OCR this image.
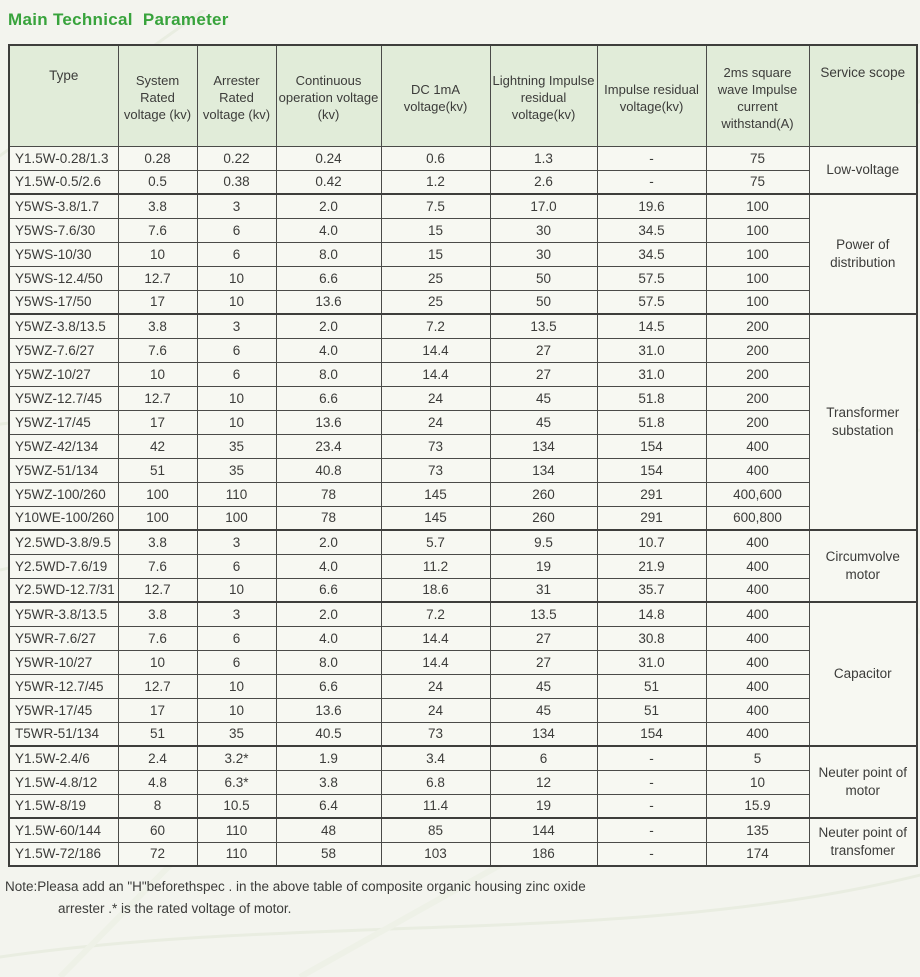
Main Technical  Parameter
Type	System Rated voltage (kv)	Arrester Rated voltage (kv)	Continuous operation voltage (kv)	DC 1mA voltage(kv)	Lightning Impulse residual voltage(kv)	Impulse residual voltage(kv)	2ms square wave Impulse current withstand(A)	Service scope
Y1.5W-0.28/1.3	0.28	0.22	0.24	0.6	1.3	-	75	Low-voltage
Y1.5W-0.5/2.6	0.5	0.38	0.42	1.2	2.6	-	75	
Y5WS-3.8/1.7	3.8	3	2.0	7.5	17.0	19.6	100	Power of distribution
Y5WS-7.6/30	7.6	6	4.0	15	30	34.5	100	
Y5WS-10/30	10	6	8.0	15	30	34.5	100	
Y5WS-12.4/50	12.7	10	6.6	25	50	57.5	100	
Y5WS-17/50	17	10	13.6	25	50	57.5	100	
Y5WZ-3.8/13.5	3.8	3	2.0	7.2	13.5	14.5	200	Transformer substation
Y5WZ-7.6/27	7.6	6	4.0	14.4	27	31.0	200	
Y5WZ-10/27	10	6	8.0	14.4	27	31.0	200	
Y5WZ-12.7/45	12.7	10	6.6	24	45	51.8	200	
Y5WZ-17/45	17	10	13.6	24	45	51.8	200	
Y5WZ-42/134	42	35	23.4	73	134	154	400	
Y5WZ-51/134	51	35	40.8	73	134	154	400	
Y5WZ-100/260	100	110	78	145	260	291	400,600	
Y10WE-100/260	100	100	78	145	260	291	600,800	
Y2.5WD-3.8/9.5	3.8	3	2.0	5.7	9.5	10.7	400	Circumvolve motor
Y2.5WD-7.6/19	7.6	6	4.0	11.2	19	21.9	400	
Y2.5WD-12.7/31	12.7	10	6.6	18.6	31	35.7	400	
Y5WR-3.8/13.5	3.8	3	2.0	7.2	13.5	14.8	400	Capacitor
Y5WR-7.6/27	7.6	6	4.0	14.4	27	30.8	400	
Y5WR-10/27	10	6	8.0	14.4	27	31.0	400	
Y5WR-12.7/45	12.7	10	6.6	24	45	51	400	
Y5WR-17/45	17	10	13.6	24	45	51	400	
T5WR-51/134	51	35	40.5	73	134	154	400	
Y1.5W-2.4/6	2.4	3.2*	1.9	3.4	6	-	5	Neuter point of motor
Y1.5W-4.8/12	4.8	6.3*	3.8	6.8	12	-	10	
Y1.5W-8/19	8	10.5	6.4	11.4	19	-	15.9	
Y1.5W-60/144	60	110	48	85	144	-	135	Neuter point of transfomer
Y1.5W-72/186	72	110	58	103	186	-	174	
Note:Pleasa add an "H"beforethspec . in the above table of composite organic housing zinc oxide
arrester .* is the rated voltage of motor.
